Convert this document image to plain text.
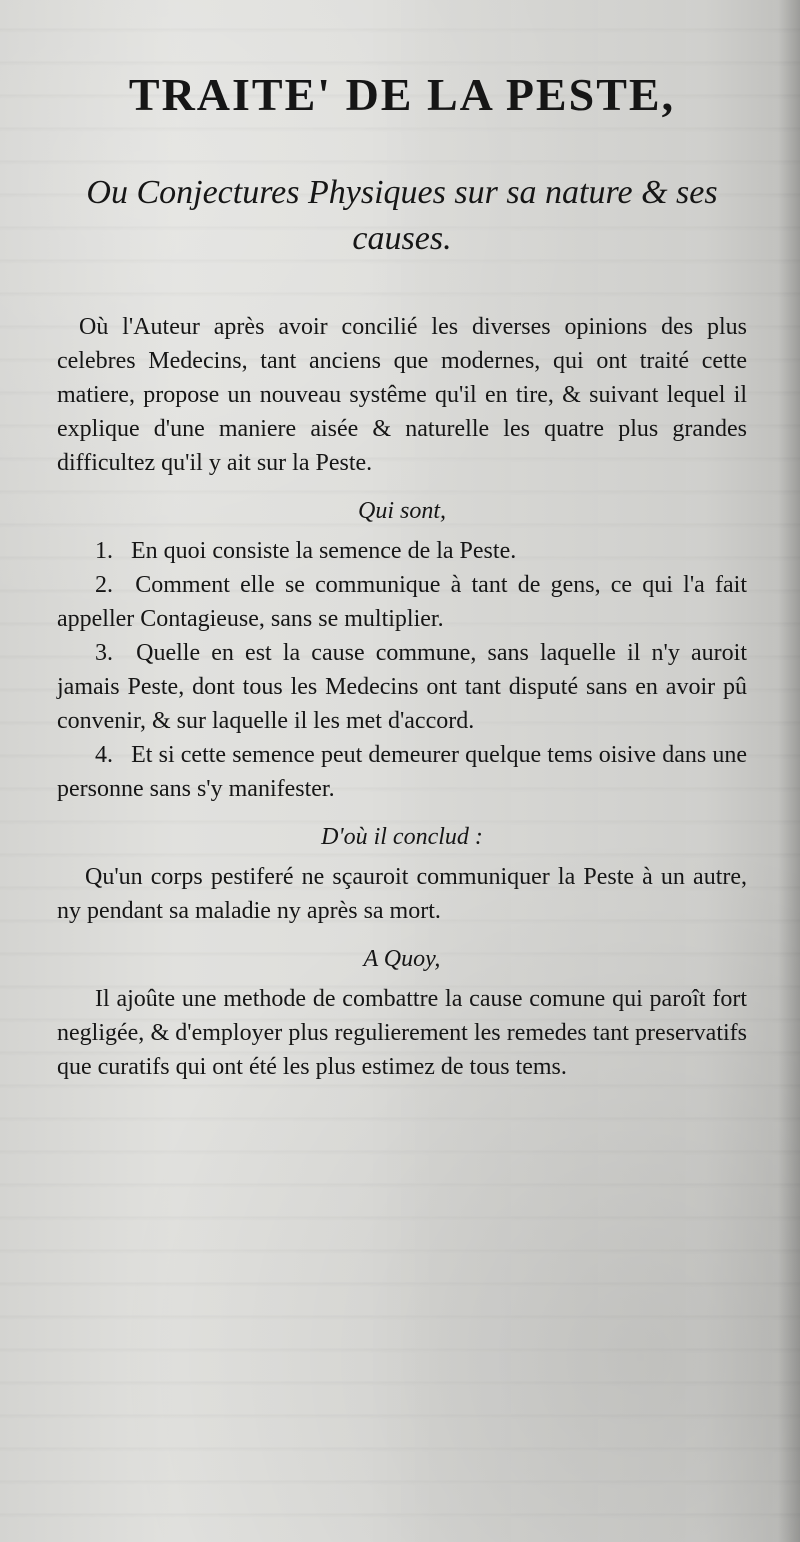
TRAITE' DE LA PESTE,
Ou Conjectures Physiques sur sa nature & ses causes.

Où l'Auteur après avoir concilié les diverses opinions des plus celebres Medecins, tant anciens que modernes, qui ont traité cette matiere, propose un nouveau systême qu'il en tire, & suivant lequel il explique d'une maniere aisée & naturelle les quatre plus grandes difficultez qu'il y ait sur la Peste.

Qui sont,
1. En quoi consiste la semence de la Peste.
2. Comment elle se communique à tant de gens, ce qui l'a fait appeller Contagieuse, sans se multiplier.
3. Quelle en est la cause commune, sans laquelle il n'y auroit jamais Peste, dont tous les Medecins ont tant disputé sans en avoir pû convenir, & sur laquelle il les met d'accord.
4. Et si cette semence peut demeurer quelque tems oisive dans une personne sans s'y manifester.
D'où il conclud :

Qu'un corps pestiferé ne sçauroit communiquer la Peste à un autre, ny pendant sa maladie ny après sa mort.

A Quoy,

Il ajoûte une methode de combattre la cause comune qui paroît fort negligée, & d'employer plus regulierement les remedes tant preservatifs que curatifs qui ont été les plus estimez de tous tems.
